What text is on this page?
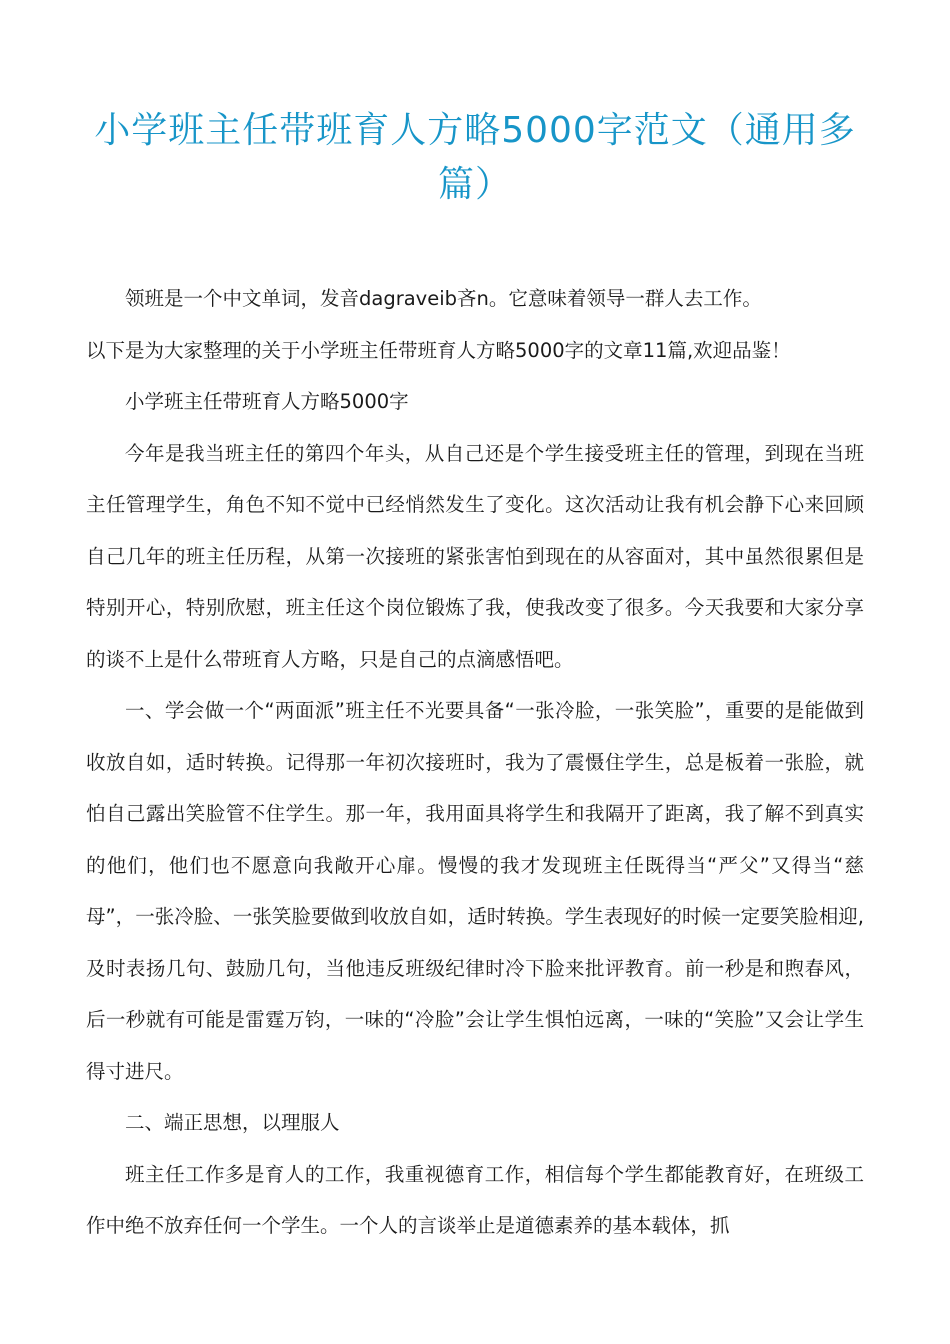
小学班主任带班育人方略5000字范文（通用多篇）

领班是一个中文单词，发音dagraveib吝n。它意味着领导一群人去工作。

以下是为大家整理的关于小学班主任带班育人方略5000字的文章11篇,欢迎品鉴！

小学班主任带班育人方略5000字

今年是我当班主任的第四个年头，从自己还是个学生接受班主任的管理，到现在当班主任管理学生，角色不知不觉中已经悄然发生了变化。这次活动让我有机会静下心来回顾自己几年的班主任历程，从第一次接班的紧张害怕到现在的从容面对，其中虽然很累但是特别开心，特别欣慰，班主任这个岗位锻炼了我，使我改变了很多。今天我要和大家分享的谈不上是什么带班育人方略，只是自己的点滴感悟吧。

一、学会做一个“两面派”班主任不光要具备“一张冷脸，一张笑脸”，重要的是能做到收放自如，适时转换。记得那一年初次接班时，我为了震慑住学生，总是板着一张脸，就怕自己露出笑脸管不住学生。那一年，我用面具将学生和我隔开了距离，我了解不到真实的他们，他们也不愿意向我敞开心扉。慢慢的我才发现班主任既得当“严父”又得当“慈母”，一张冷脸、一张笑脸要做到收放自如，适时转换。学生表现好的时候一定要笑脸相迎,及时表扬几句、鼓励几句，当他违反班级纪律时冷下脸来批评教育。前一秒是和煦春风，后一秒就有可能是雷霆万钧，一味的“冷脸”会让学生惧怕远离，一味的“笑脸”又会让学生得寸进尺。

二、端正思想，以理服人

班主任工作多是育人的工作，我重视德育工作，相信每个学生都能教育好，在班级工作中绝不放弃任何一个学生。一个人的言谈举止是道德素养的基本载体，抓
